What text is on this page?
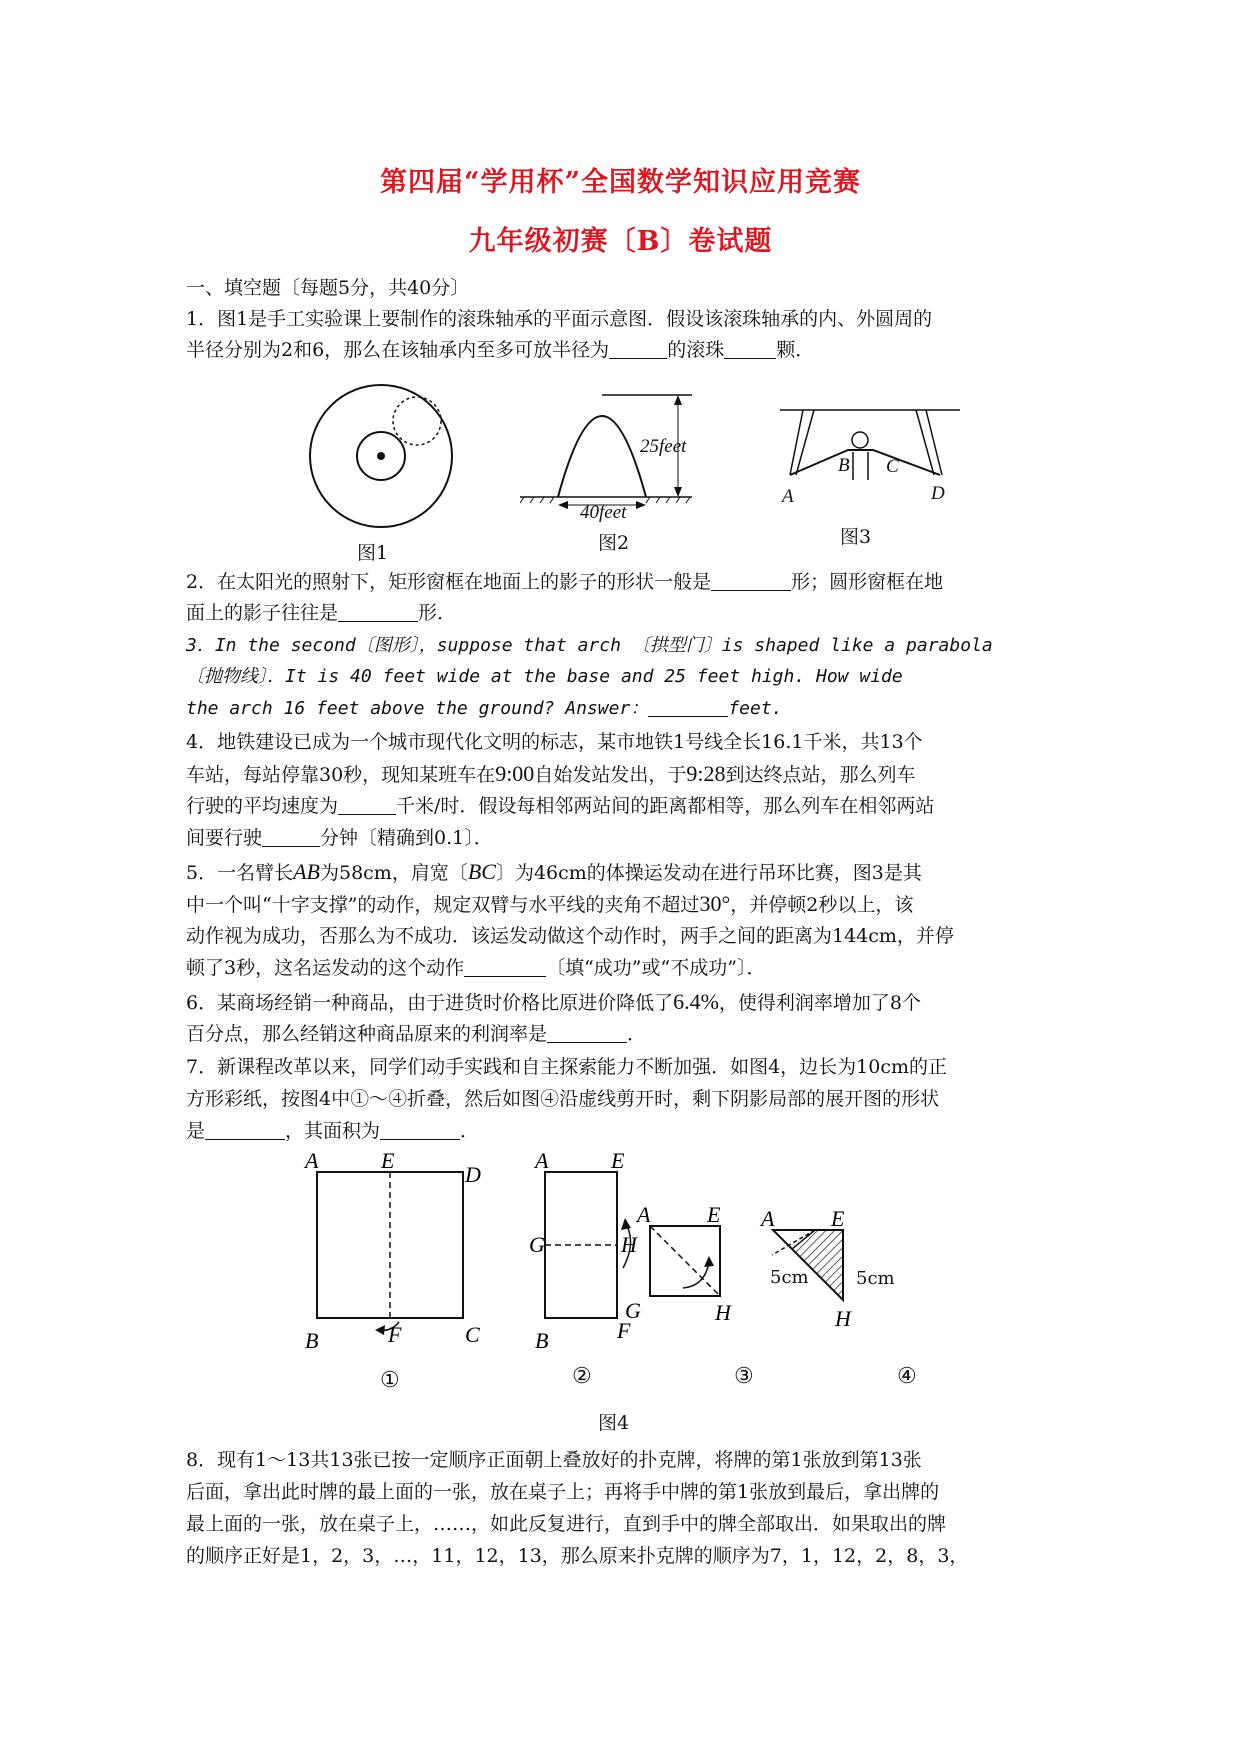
第四届“学用杯”全国数学知识应用竞赛
九年级初赛〔B〕卷试题
一、填空题〔每题5分，共40分〕
1．图1是手工实验课上要制作的滚珠轴承的平面示意图．假设该滚珠轴承的内、外圆周的
半径分别为2和6，那么在该轴承内至多可放半径为	的滚珠	颗．
图1
25feet
40feet
图2
A
B C
D
图3
2．在太阳光的照射下，矩形窗框在地面上的影子的形状一般是	形；圆形窗框在地
面上的影子往往是	形．
3．In the second〔图形〕，suppose that arch 〔拱型门〕is shaped like a parabola
〔抛物线〕．It is 40 feet wide at the base and 25 feet high. How wide
the arch 16 feet above the ground? Answer：	feet.
4．地铁建设已成为一个城市现代化文明的标志，某市地铁1号线全长16.1千米，共13个
车站，每站停靠30秒，现知某班车在9:00自始发站发出，于9:28到达终点站，那么列车
行驶的平均速度为	千米/时．假设每相邻两站间的距离都相等，那么列车在相邻两站
间要行驶	分钟〔精确到0.1〕．
5．一名臂长AB为58cm，肩宽〔BC〕为46cm的体操运发动在进行吊环比赛，图3是其
中一个叫“十字支撑”的动作，规定双臂与水平线的夹角不超过30°，并停顿2秒以上，该
动作视为成功，否那么为不成功．该运发动做这个动作时，两手之间的距离为144cm，并停
顿了3秒，这名运发动的这个动作	〔填“成功”或“不成功”〕．
6．某商场经销一种商品，由于进货时价格比原进价降低了6.4%，使得利润率增加了8个
百分点，那么经销这种商品原来的利润率是	．
7．新课程改革以来，同学们动手实践和自主探索能力不断加强．如图4，边长为10cm的正
方形彩纸，按图4中①～④折叠，然后如图④沿虚线剪开时，剩下阴影局部的展开图的形状
是	，其面积为	．
A	E
D
B	F	C
A	E
G	H
B	F
A	E
G	H
A	E
H
5cm
5cm
①	②	③	④
图4
8．现有1～13共13张已按一定顺序正面朝上叠放好的扑克牌，将牌的第1张放到第13张
后面，拿出此时牌的最上面的一张，放在桌子上；再将手中牌的第1张放到最后，拿出牌的
最上面的一张，放在桌子上，……，如此反复进行，直到手中的牌全部取出．如果取出的牌
的顺序正好是1，2，3，…，11，12，13，那么原来扑克牌的顺序为7，1，12，2，8，3，
